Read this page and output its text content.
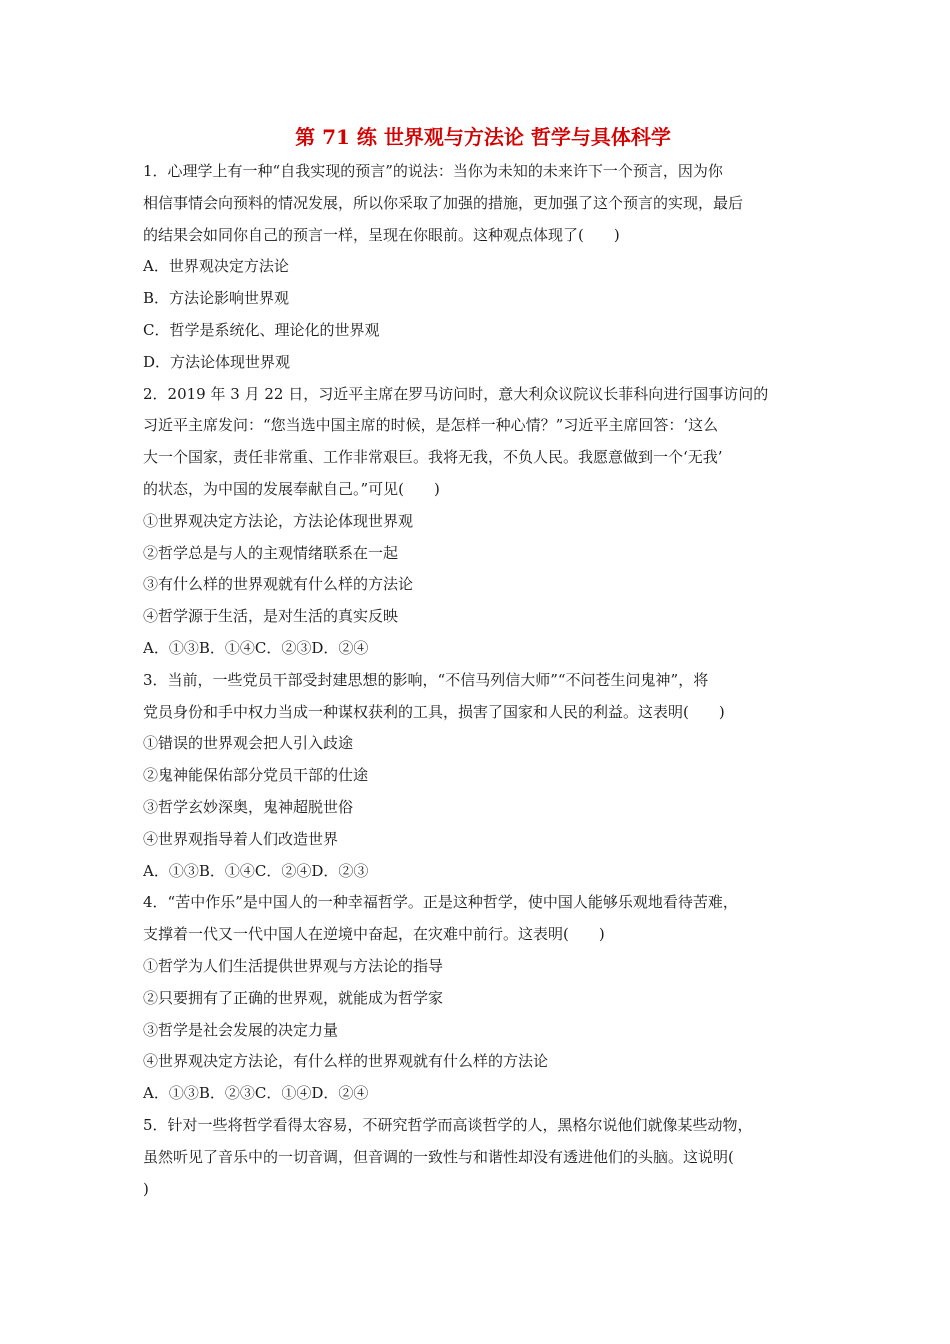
第 71 练 世界观与方法论 哲学与具体科学

1．心理学上有一种“自我实现的预言”的说法：当你为未知的未来许下一个预言，因为你

相信事情会向预料的情况发展，所以你采取了加强的措施，更加强了这个预言的实现，最后

的结果会如同你自己的预言一样，呈现在你眼前。这种观点体现了(　　)

A．世界观决定方法论

B．方法论影响世界观

C．哲学是系统化、理论化的世界观

D．方法论体现世界观

2．2019 年 3 月 22 日，习近平主席在罗马访问时，意大利众议院议长菲科向进行国事访问的

习近平主席发问：“您当选中国主席的时候，是怎样一种心情？”习近平主席回答：‘这么

大一个国家，责任非常重、工作非常艰巨。我将无我，不负人民。我愿意做到一个‘无我’

的状态，为中国的发展奉献自己。”可见(　　)

①世界观决定方法论，方法论体现世界观

②哲学总是与人的主观情绪联系在一起

③有什么样的世界观就有什么样的方法论

④哲学源于生活，是对生活的真实反映

A．①③B．①④C．②③D．②④

3．当前，一些党员干部受封建思想的影响，“不信马列信大师”“不问苍生问鬼神”，将

党员身份和手中权力当成一种谋权获利的工具，损害了国家和人民的利益。这表明(　　)

①错误的世界观会把人引入歧途

②鬼神能保佑部分党员干部的仕途

③哲学玄妙深奥，鬼神超脱世俗

④世界观指导着人们改造世界

A．①③B．①④C．②④D．②③

4．“苦中作乐”是中国人的一种幸福哲学。正是这种哲学，使中国人能够乐观地看待苦难，

支撑着一代又一代中国人在逆境中奋起，在灾难中前行。这表明(　　)

①哲学为人们生活提供世界观与方法论的指导

②只要拥有了正确的世界观，就能成为哲学家

③哲学是社会发展的决定力量

④世界观决定方法论，有什么样的世界观就有什么样的方法论

A．①③B．②③C．①④D．②④

5．针对一些将哲学看得太容易，不研究哲学而高谈哲学的人，黑格尔说他们就像某些动物，

虽然听见了音乐中的一切音调，但音调的一致性与和谐性却没有透进他们的头脑。这说明(

)
